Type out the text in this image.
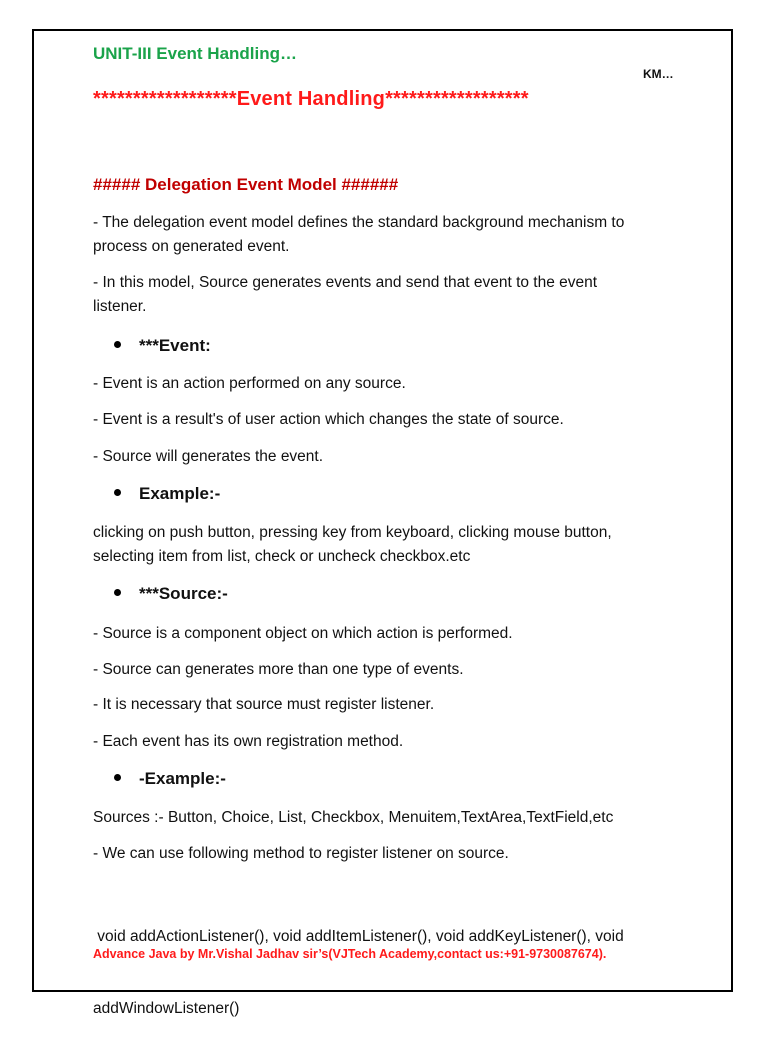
UNIT-III Event Handling…
KM…
******************Event Handling******************
##### Delegation Event Model ######
- The delegation event model defines the standard background mechanism to
process on generated event.
- In this model, Source generates events and send that event to the event
listener.
***Event:
- Event is an action performed on any source.
- Event is a result's of user action which changes the state of source.
- Source will generates the event.
Example:-
clicking on push button, pressing key from keyboard, clicking mouse button,
selecting item from list, check or uncheck checkbox.etc
***Source:-
- Source is a component object on which action is performed.
- Source can generates more than one type of events.
- It is necessary that source must register listener.
- Each event has its own registration method.
-Example:-
Sources :- Button, Choice, List, Checkbox, Menuitem,TextArea,TextField,etc
- We can use following method to register listener on source.

void addActionListener(), void addItemListener(), void addKeyListener(), void

addWindowListener()

Advance Java by Mr.Vishal Jadhav sir’s(VJTech Academy,contact us:+91-9730087674).
